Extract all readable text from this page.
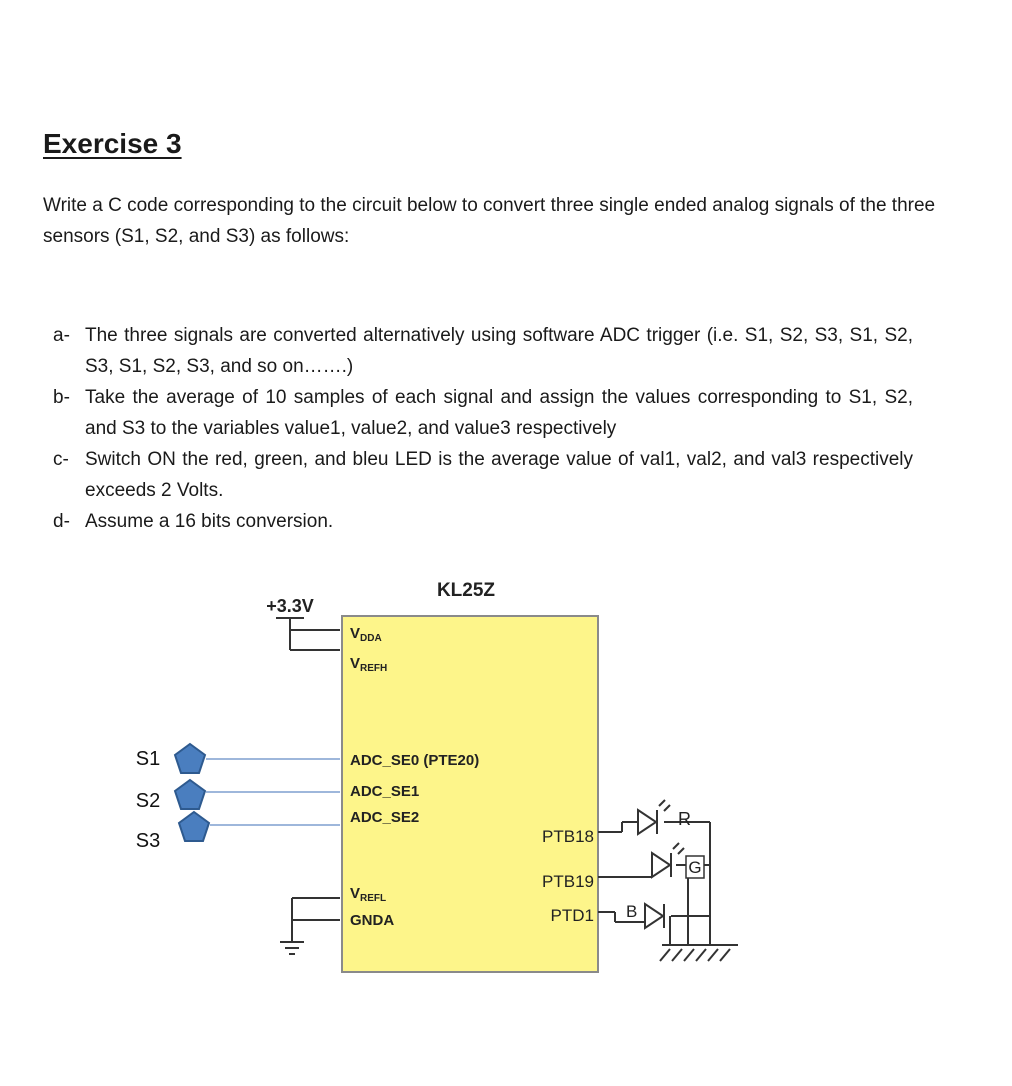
Exercise 3

Write a C code corresponding to the circuit below to convert three single ended analog signals of the three sensors (S1, S2, and S3) as follows:

a- The three signals are converted alternatively using software ADC trigger (i.e. S1, S2, S3, S1, S2, S3, S1, S2, S3, and so on…….)
b- Take the average of 10 samples of each signal and assign the values corresponding to S1, S2, and S3 to the variables value1, value2, and value3 respectively
c- Switch ON the red, green, and bleu LED is the average value of val1, val2, and val3 respectively exceeds 2 Volts.
d- Assume a 16 bits conversion.
KL25Z
+3.3V
$V_{DDA}$
$V_{REFH}$
S1
S2
S3
ADC_SE0 (PTE20)
ADC_SE1
ADC_SE2
$V_{REFL}$
GNDA
PTB18
PTB19
PTD1
R
G
B
